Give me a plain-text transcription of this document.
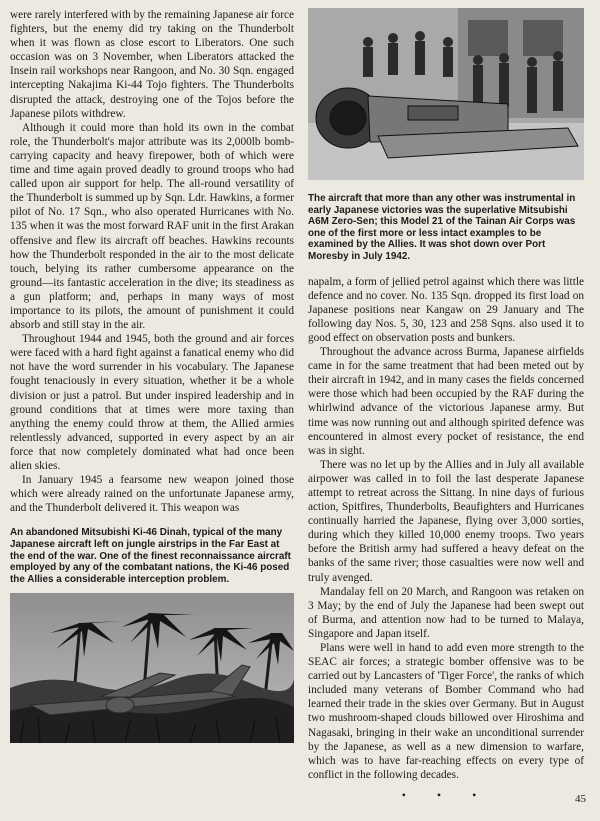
were rarely interfered with by the remaining Japanese air force fighters, but the enemy did try taking on the Thunderbolt when it was flown as close escort to Liberators. One such occasion was on 3 November, when Liberators attacked the Insein rail workshops near Rangoon, and No. 30 Sqn. engaged intercepting Nakajima Ki-44 Tojo fighters. The Thunderbolts disrupted the attack, destroying one of the Tojos before the Japanese pilots withdrew.

Although it could more than hold its own in the combat role, the Thunderbolt's major attribute was its 2,000lb bomb-carrying capacity and heavy firepower, both of which were time and time again proved deadly to ground troops who had called upon air support for help. The all-round versatility of the Thunderbolt is summed up by Sqn. Ldr. Hawkins, a former pilot of No. 17 Sqn., who also operated Hurricanes with No. 135 when it was the most forward RAF unit in the first Arakan offensive and flew its aircraft off beaches. Hawkins recounts how the Thunderbolt responded in the air to the most delicate touch, belying its rather cumbersome appearance on the ground—its fantastic acceleration in the dive; its steadiness as a gun platform; and, perhaps in many ways of most importance to its pilots, the amount of punishment it could absorb and still stay in the air.

Throughout 1944 and 1945, both the ground and air forces were faced with a hard fight against a fanatical enemy who did not have the word surrender in his vocabulary. The Japanese fought tenaciously in every situation, whether it be a whole division or just a patrol. But under inspired leadership and in ground conditions that at times were more taxing than anything the enemy could throw at them, the Allied armies relentlessly advanced, supported in every aspect by an air force that now completely dominated what had once been alien skies.

In January 1945 a fearsome new weapon joined those which were already rained on the unfortunate Japanese army, and the Thunderbolt delivered it. This weapon was

An abandoned Mitsubishi Ki-46 Dinah, typical of the many Japanese aircraft left on jungle airstrips in the Far East at the end of the war. One of the finest reconnaissance aircraft employed by any of the combatant nations, the Ki-46 posed the Allies a considerable interception problem.

The aircraft that more than any other was instrumental in early Japanese victories was the superlative Mitsubishi A6M Zero-Sen; this Model 21 of the Tainan Air Corps was one of the first more or less intact examples to be examined by the Allies. It was shot down over Port Moresby in July 1942.

napalm, a form of jellied petrol against which there was little defence and no cover. No. 135 Sqn. dropped its first load on Japanese positions near Kangaw on 29 January and The following day Nos. 5, 30, 123 and 258 Sqns. also used it to good effect on observation posts and bunkers.

Throughout the advance across Burma, Japanese airfields came in for the same treatment that had been meted out by their aircraft in 1942, and in many cases the fields concerned were those which had been occupied by the RAF during the whirlwind advance of the victorious Japanese army. But time was now running out and although spirited defence was encountered in almost every pocket of resistance, the end was in sight.

There was no let up by the Allies and in July all available airpower was called in to foil the last desperate Japanese attempt to retreat across the Sittang. In nine days of furious action, Spitfires, Thunderbolts, Beaufighters and Hurricanes continually harried the Japanese, flying over 3,000 sorties, during which they killed 10,000 enemy troops. Two years before the British army had suffered a heavy defeat on the banks of the same river; those casualties were now well and truly avenged.

Mandalay fell on 20 March, and Rangoon was retaken on 3 May; by the end of July the Japanese had been swept out of Burma, and attention now had to be turned to Malaya, Singapore and Japan itself.

Plans were well in hand to add even more strength to the SEAC air forces; a strategic bomber offensive was to be carried out by Lancasters of 'Tiger Force', the ranks of which included many veterans of Bomber Command who had learned their trade in the skies over Germany. But in August two mushroom-shaped clouds billowed over Hiroshima and Nagasaki, bringing in their wake an unconditional surrender by the Japanese, as well as a new dimension to warfare, which was to have far-reaching effects on every type of conflict in the following decades.

• • •	45
